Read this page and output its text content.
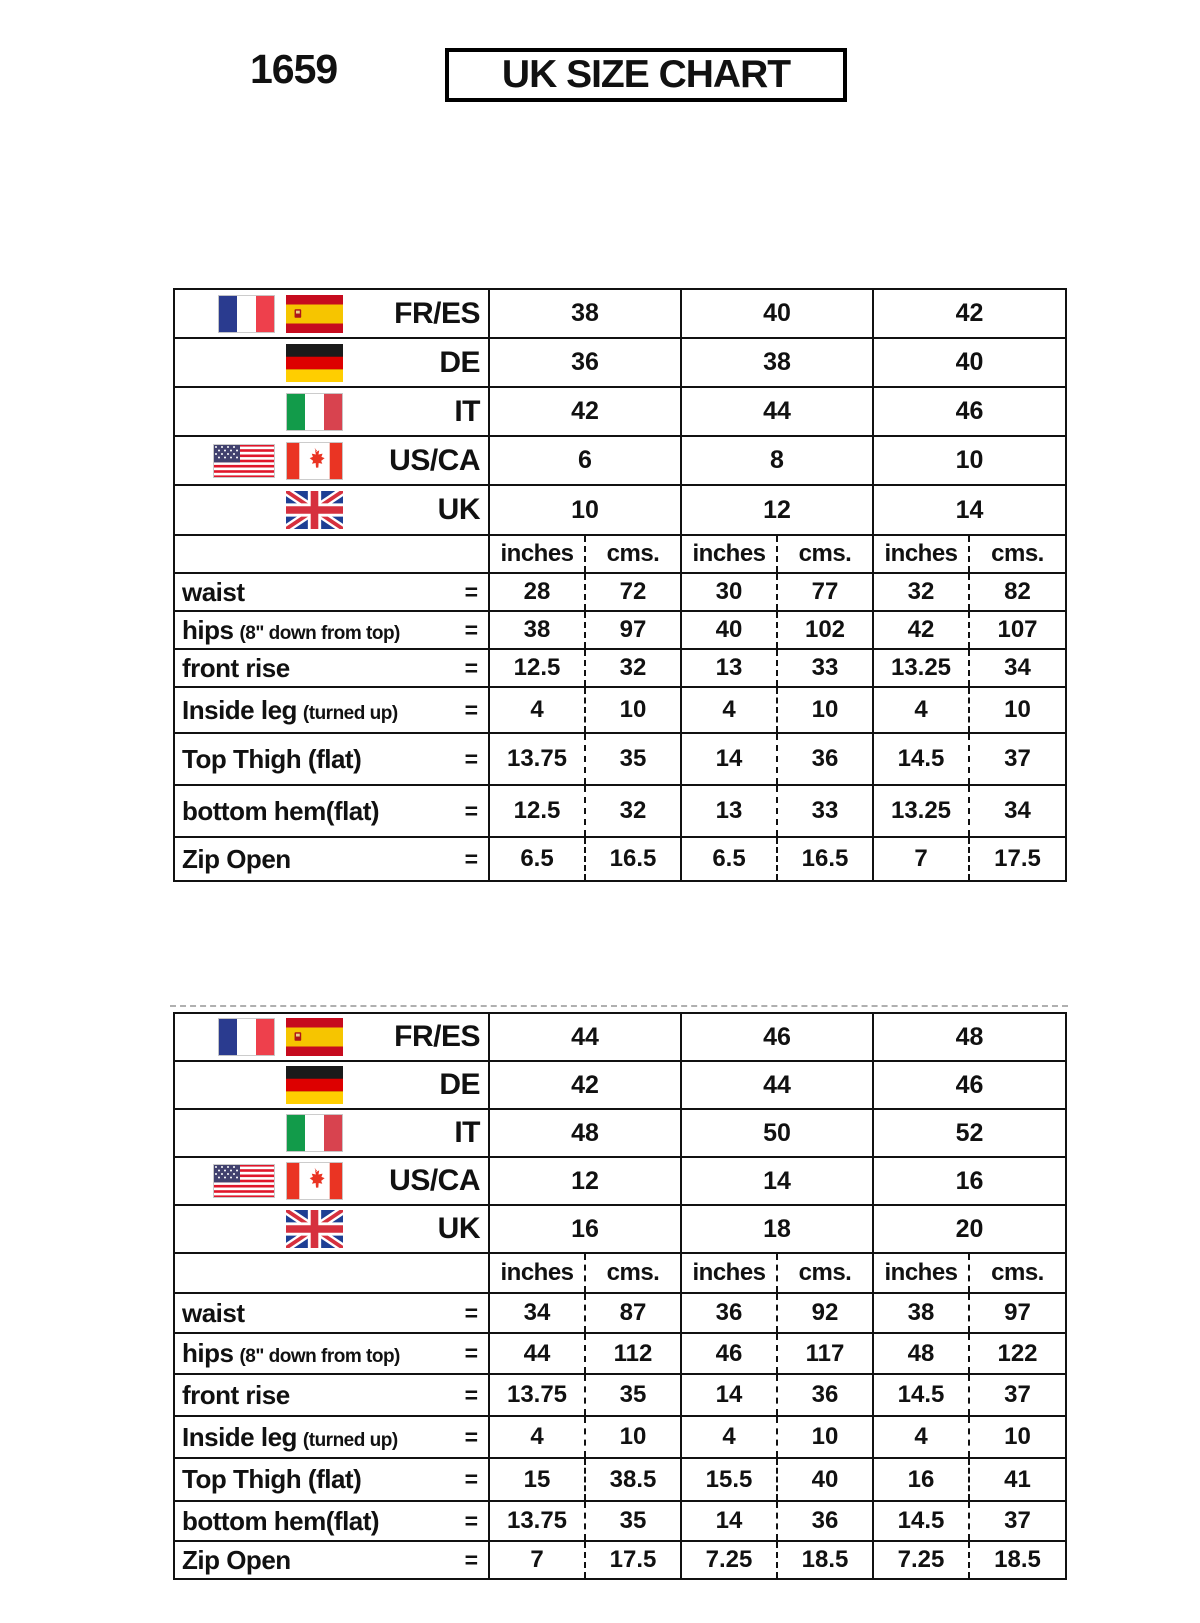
1659	UK SIZE CHART
FR/ES	38		40		42	

DE	36		38		40	

IT	42		44		46	

US/CA	6		8		10	

UK	10		12		14	
	inches	cms.	inches	cms.	inches	cms.

waist =	28	72	30	77	32	82

hips (8" down from top) =	38	97	40	102	42	107

front rise =	12.5	32	13	33	13.25	34

Inside leg (turned up) =	4	10	4	10	4	10

Top Thigh (flat) =	13.75	35	14	36	14.5	37

bottom hem(flat) =	12.5	32	13	33	13.25	34

Zip Open =	6.5	16.5	6.5	16.5	7	17.5
FR/ES	44		46		48	

DE	42		44		46	

IT	48		50		52	

US/CA	12		14		16	

UK	16		18		20	
	inches	cms.	inches	cms.	inches	cms.

waist =	34	87	36	92	38	97

hips (8" down from top) =	44	112	46	117	48	122

front rise =	13.75	35	14	36	14.5	37

Inside leg (turned up) =	4	10	4	10	4	10

Top Thigh (flat) =	15	38.5	15.5	40	16	41

bottom hem(flat) =	13.75	35	14	36	14.5	37

Zip Open =	7	17.5	7.25	18.5	7.25	18.5
